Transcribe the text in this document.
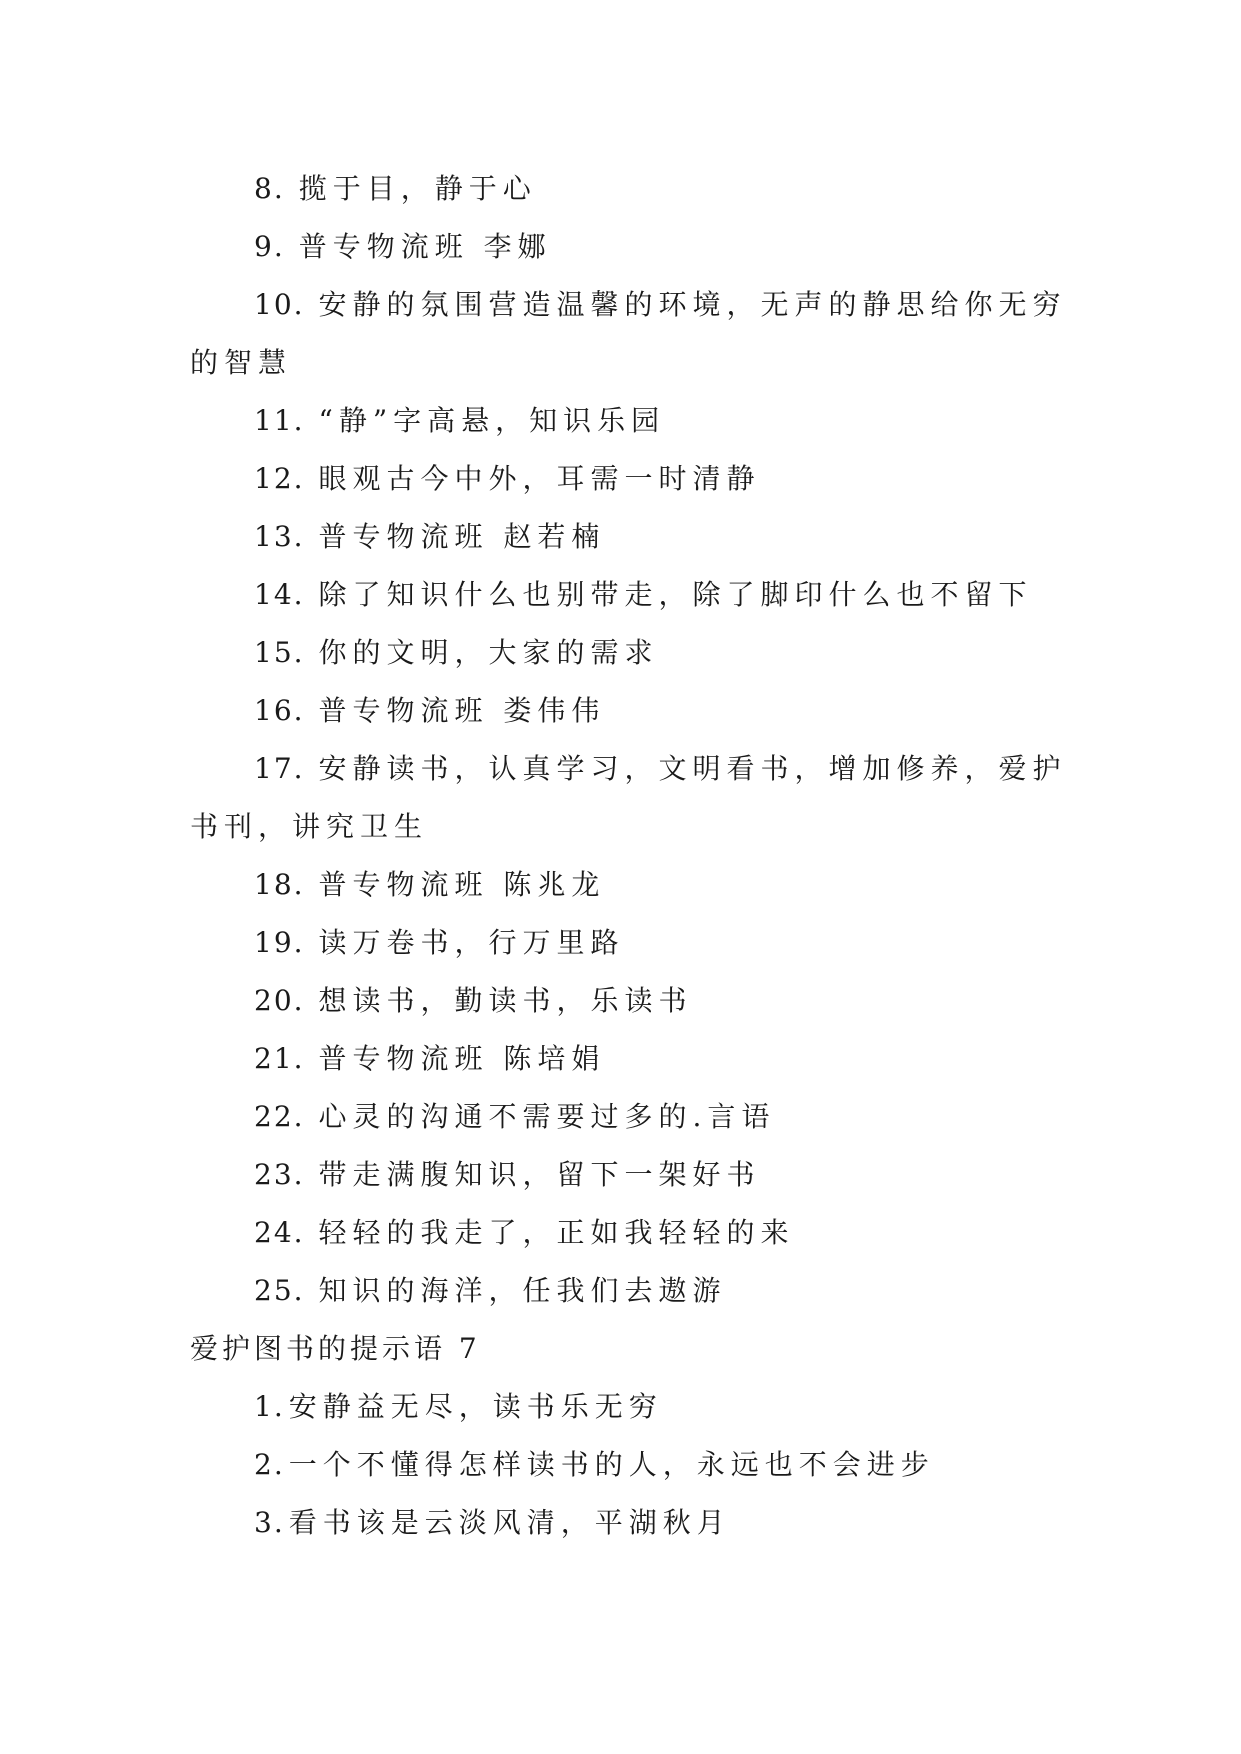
8. 揽于目，静于心
9. 普专物流班 李娜
10. 安静的氛围营造温馨的环境，无声的静思给你无穷
的智慧
11. “静”字高悬，知识乐园
12. 眼观古今中外，耳需一时清静
13. 普专物流班 赵若楠
14. 除了知识什么也别带走，除了脚印什么也不留下
15. 你的文明，大家的需求
16. 普专物流班 娄伟伟
17. 安静读书，认真学习，文明看书，增加修养，爱护
书刊，讲究卫生
18. 普专物流班 陈兆龙
19. 读万卷书，行万里路
20. 想读书，勤读书，乐读书
21. 普专物流班 陈培娟
22. 心灵的沟通不需要过多的.言语
23. 带走满腹知识，留下一架好书
24. 轻轻的我走了，正如我轻轻的来
25. 知识的海洋，任我们去遨游
爱护图书的提示语 7
1. 安静益无尽，读书乐无穷
2. 一个不懂得怎样读书的人，永远也不会进步
3. 看书该是云淡风清，平湖秋月
